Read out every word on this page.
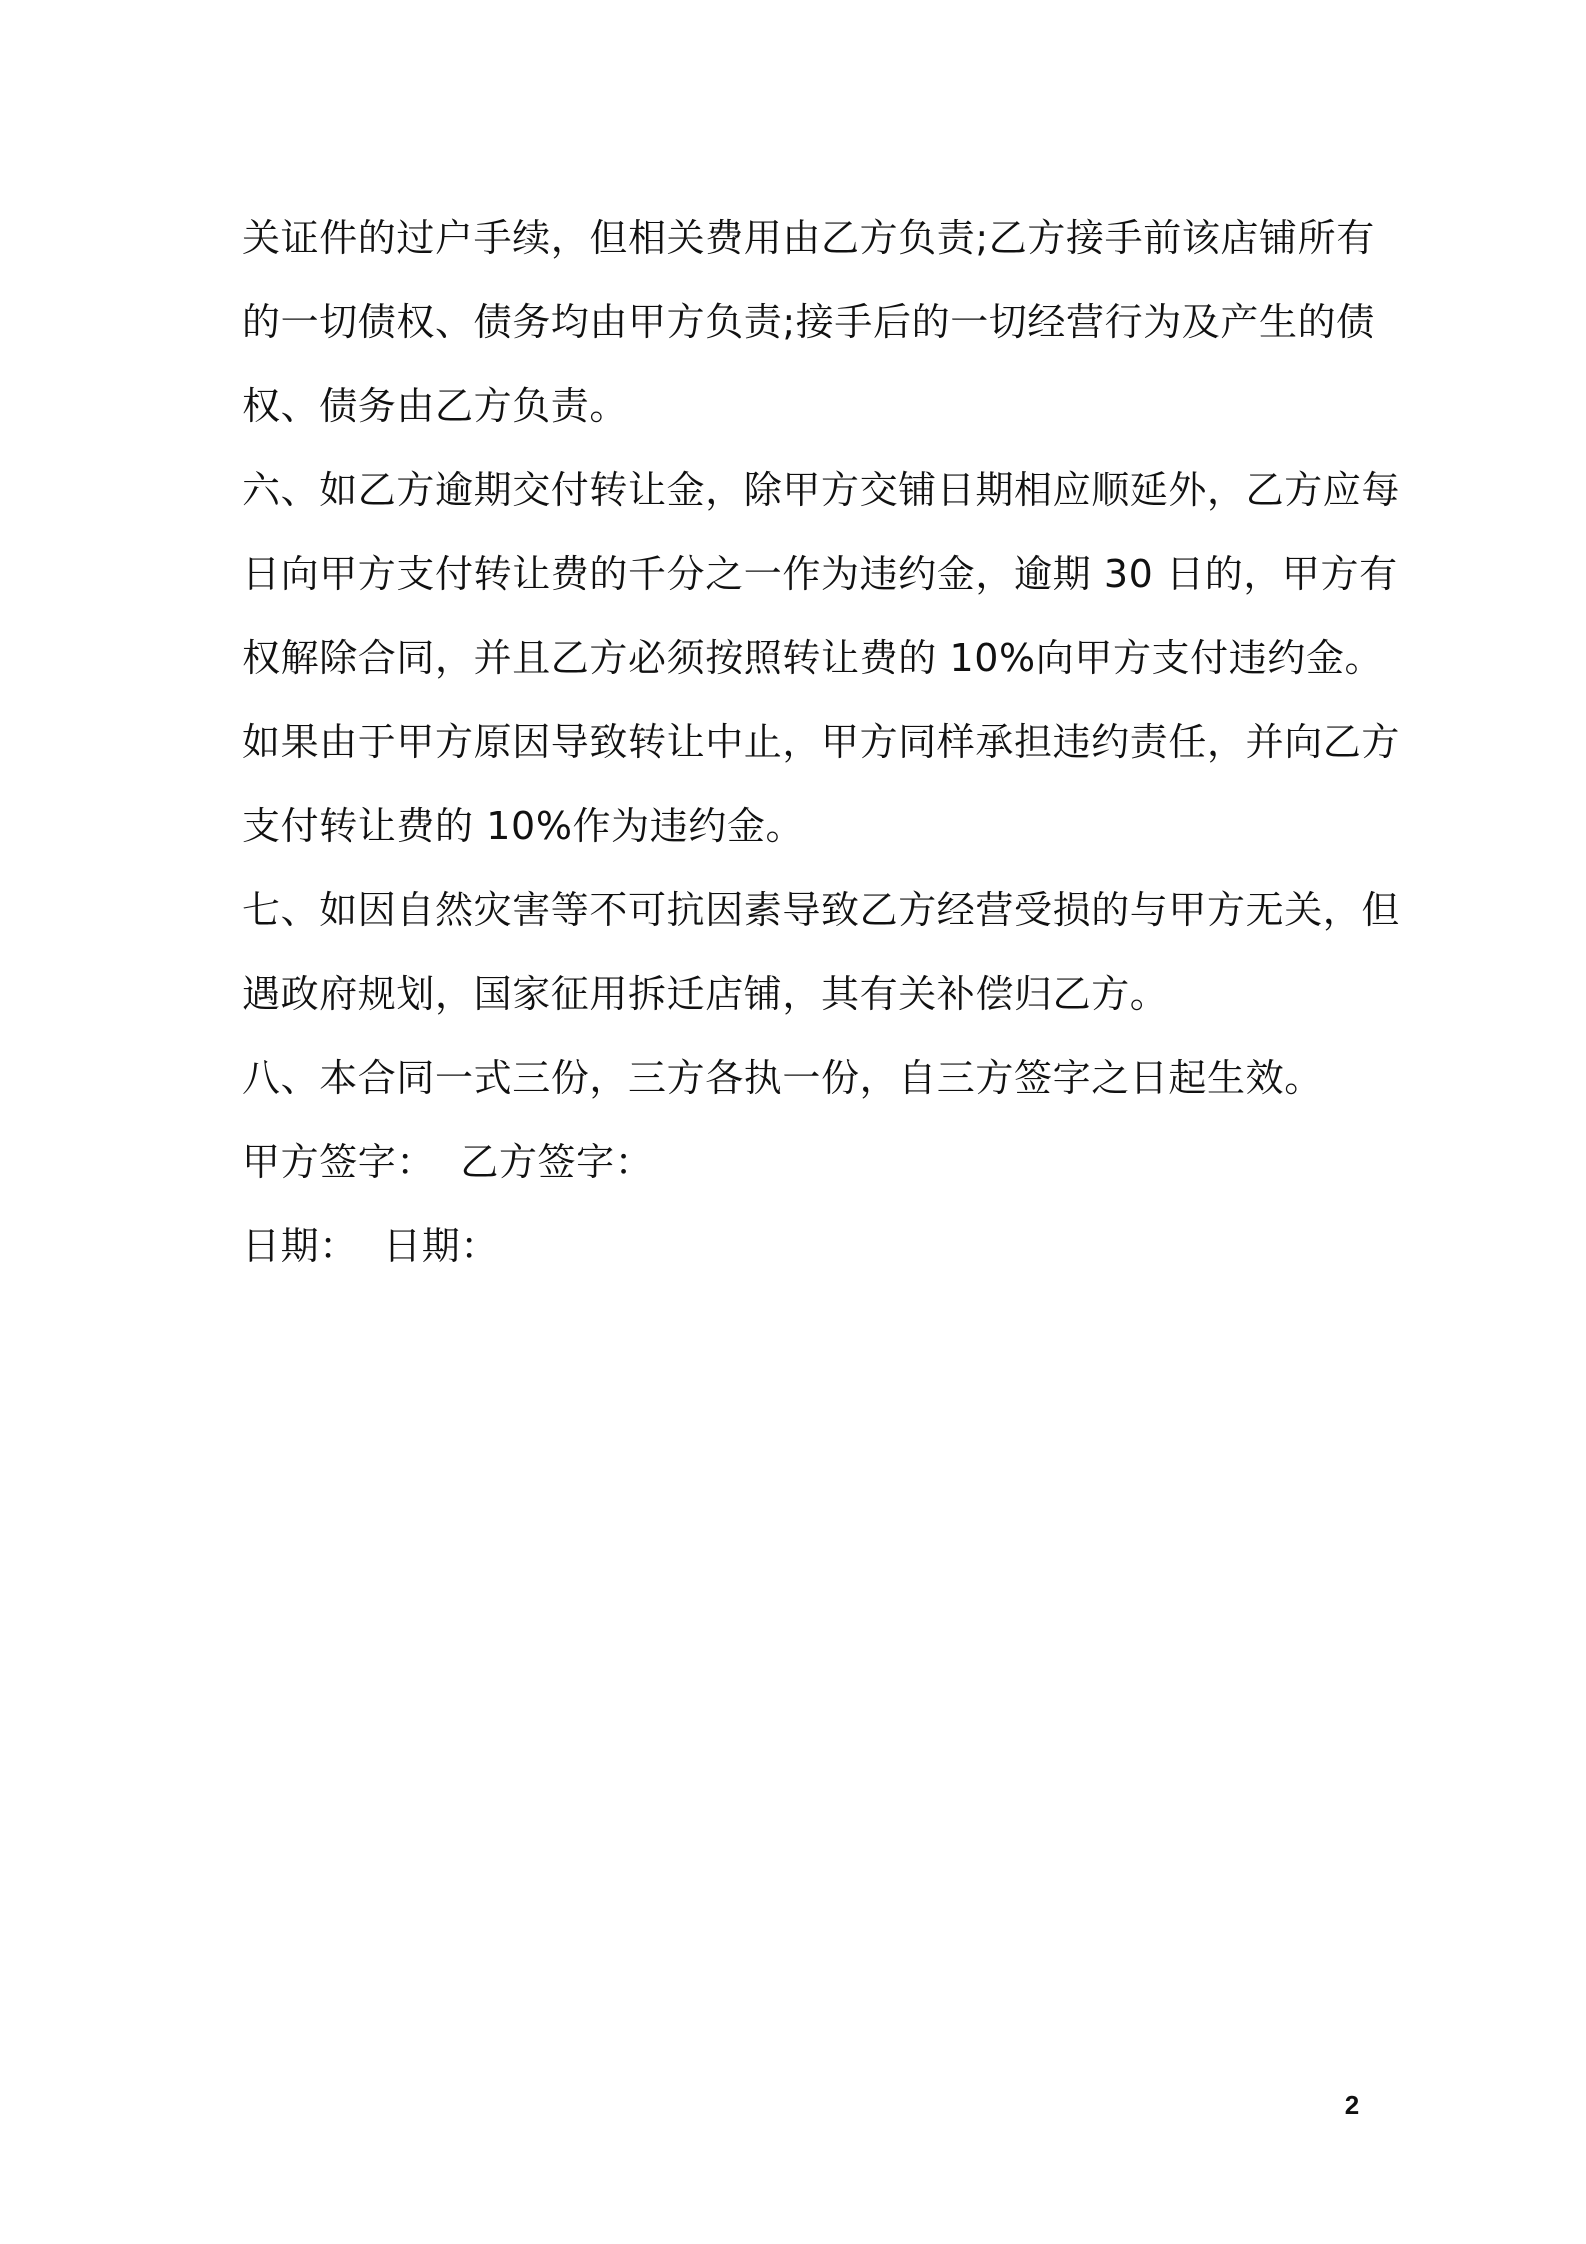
关证件的过户手续，但相关费用由乙方负责;乙方接手前该店铺所有
的一切债权、债务均由甲方负责;接手后的一切经营行为及产生的债
权、债务由乙方负责。
六、如乙方逾期交付转让金，除甲方交铺日期相应顺延外，乙方应每
日向甲方支付转让费的千分之一作为违约金，逾期 30 日的，甲方有
权解除合同，并且乙方必须按照转让费的 10%向甲方支付违约金。
如果由于甲方原因导致转让中止，甲方同样承担违约责任，并向乙方
支付转让费的 10%作为违约金。
七、如因自然灾害等不可抗因素导致乙方经营受损的与甲方无关，但
遇政府规划，国家征用拆迁店铺，其有关补偿归乙方。
八、本合同一式三份，三方各执一份，自三方签字之日起生效。
甲方签字：  乙方签字：
日期：  日期：
2
